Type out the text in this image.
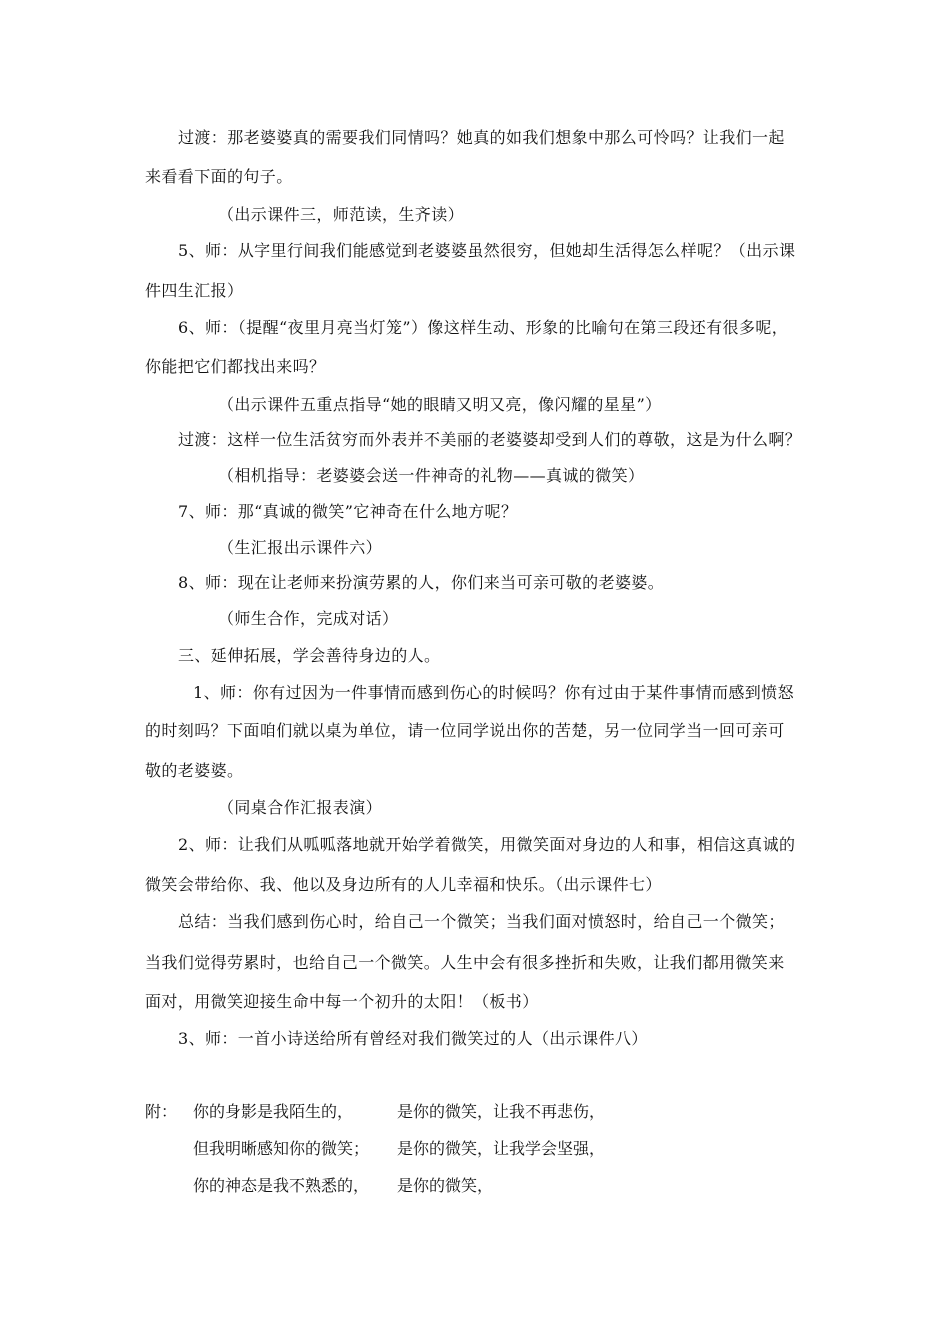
过渡：那老婆婆真的需要我们同情吗？她真的如我们想象中那么可怜吗？让我们一起
来看看下面的句子。
（出示课件三，师范读，生齐读）
5、师：从字里行间我们能感觉到老婆婆虽然很穷，但她却生活得怎么样呢？（出示课
件四生汇报）
6、师：（提醒“夜里月亮当灯笼”）像这样生动、形象的比喻句在第三段还有很多呢，
你能把它们都找出来吗？
（出示课件五重点指导“她的眼睛又明又亮，像闪耀的星星”）
过渡：这样一位生活贫穷而外表并不美丽的老婆婆却受到人们的尊敬，这是为什么啊？
（相机指导：老婆婆会送一件神奇的礼物——真诚的微笑）
7、师：那“真诚的微笑”它神奇在什么地方呢？
（生汇报出示课件六）
8、师：现在让老师来扮演劳累的人，你们来当可亲可敬的老婆婆。
（师生合作，完成对话）
三、延伸拓展，学会善待身边的人。
1、师：你有过因为一件事情而感到伤心的时候吗？你有过由于某件事情而感到愤怒
的时刻吗？下面咱们就以桌为单位，请一位同学说出你的苦楚，另一位同学当一回可亲可
敬的老婆婆。
（同桌合作汇报表演）
2、师：让我们从呱呱落地就开始学着微笑，用微笑面对身边的人和事，相信这真诚的
微笑会带给你、我、他以及身边所有的人儿幸福和快乐。（出示课件七）
总结：当我们感到伤心时，给自己一个微笑；当我们面对愤怒时，给自己一个微笑；
当我们觉得劳累时，也给自己一个微笑。人生中会有很多挫折和失败，让我们都用微笑来
面对，用微笑迎接生命中每一个初升的太阳！（板书）
3、师：一首小诗送给所有曾经对我们微笑过的人（出示课件八）
附： 你的身影是我陌生的，	是你的微笑，让我不再悲伤，
但我明晰感知你的微笑； 是你的微笑，让我学会坚强，
你的神态是我不熟悉的， 是你的微笑，
